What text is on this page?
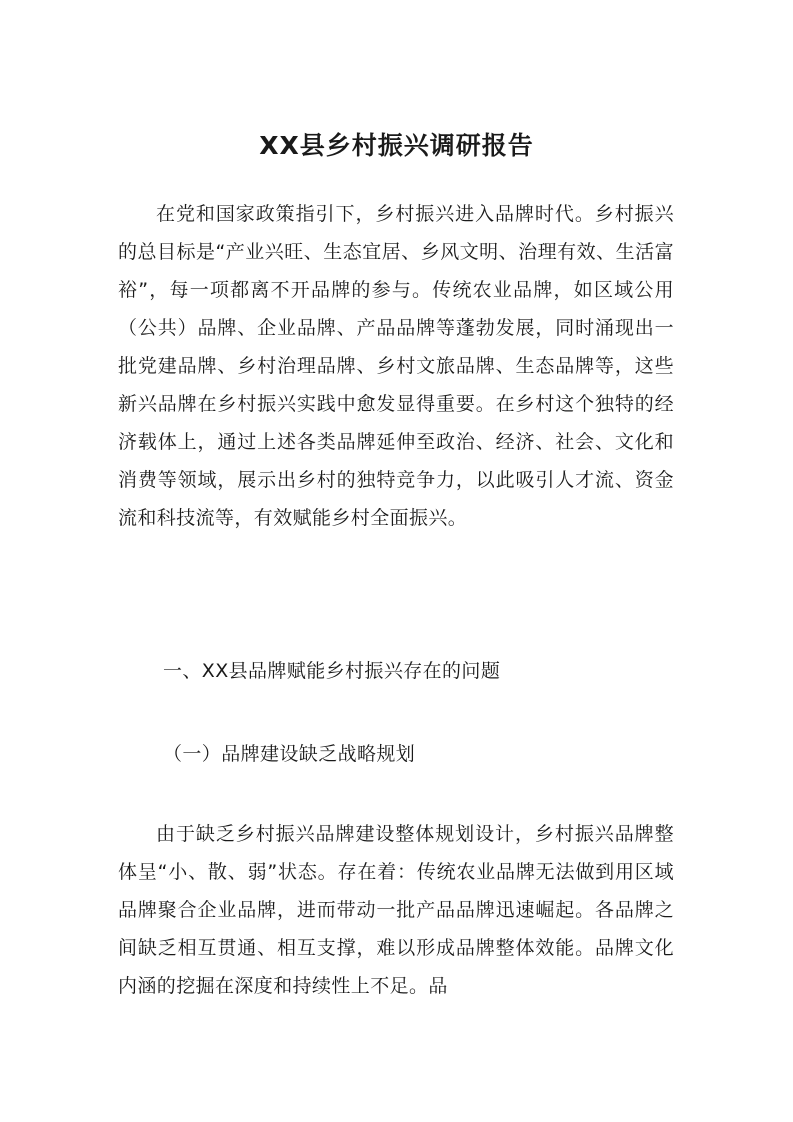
XX县乡村振兴调研报告

在党和国家政策指引下，乡村振兴进入品牌时代。乡村振兴的总目标是“产业兴旺、生态宜居、乡风文明、治理有效、生活富裕”，每一项都离不开品牌的参与。传统农业品牌，如区域公用（公共）品牌、企业品牌、产品品牌等蓬勃发展，同时涌现出一批党建品牌、乡村治理品牌、乡村文旅品牌、生态品牌等，这些新兴品牌在乡村振兴实践中愈发显得重要。在乡村这个独特的经济载体上，通过上述各类品牌延伸至政治、经济、社会、文化和消费等领域，展示出乡村的独特竞争力，以此吸引人才流、资金流和科技流等，有效赋能乡村全面振兴。

一、XX县品牌赋能乡村振兴存在的问题

（一）品牌建设缺乏战略规划

由于缺乏乡村振兴品牌建设整体规划设计，乡村振兴品牌整体呈“小、散、弱”状态。存在着：传统农业品牌无法做到用区域品牌聚合企业品牌，进而带动一批产品品牌迅速崛起。各品牌之间缺乏相互贯通、相互支撑，难以形成品牌整体效能。品牌文化内涵的挖掘在深度和持续性上不足。品
